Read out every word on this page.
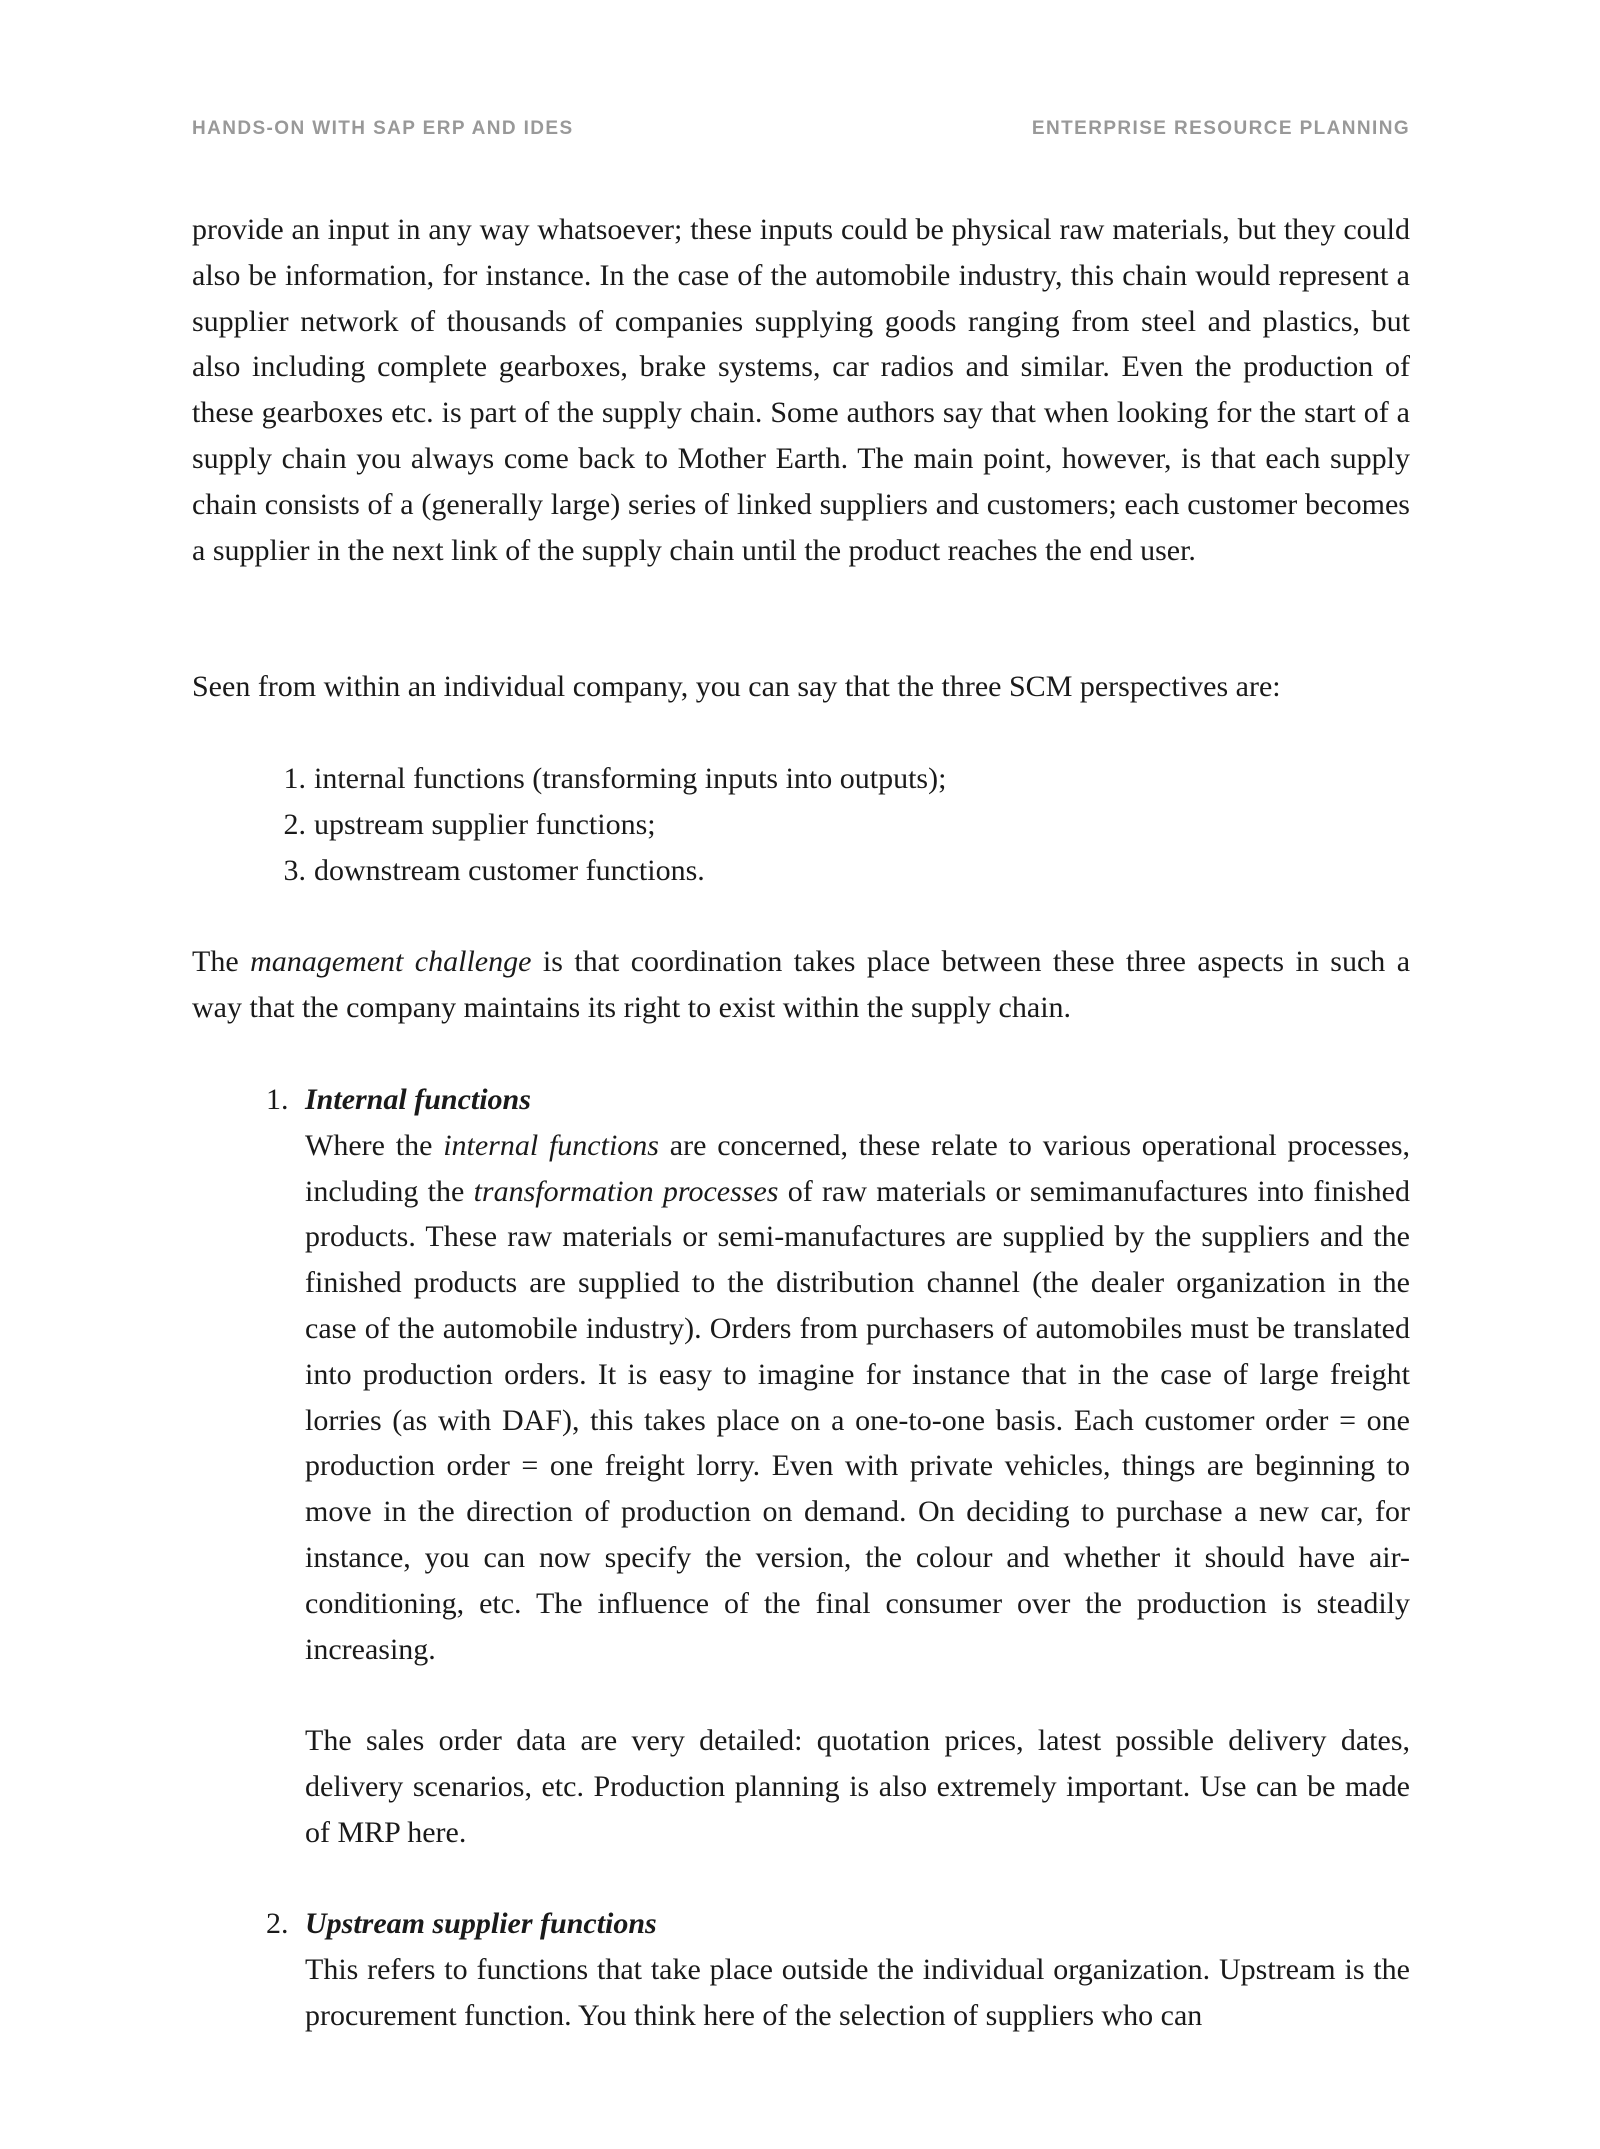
HANDS-ON WITH SAP ERP AND IDES	ENTERPRISE RESOURCE PLANNING

provide an input in any way whatsoever; these inputs could be physical raw materials, but they could also be information, for instance. In the case of the automobile industry, this chain would represent a supplier network of thousands of companies supplying goods ranging from steel and plastics, but also including complete gearboxes, brake systems, car radios and similar. Even the production of these gearboxes etc. is part of the supply chain. Some authors say that when looking for the start of a supply chain you always come back to Mother Earth. The main point, however, is that each supply chain consists of a (generally large) series of linked suppliers and customers; each customer becomes a supplier in the next link of the supply chain until the product reaches the end user.

Seen from within an individual company, you can say that the three SCM perspectives are:

1. internal functions (transforming inputs into outputs);
2. upstream supplier functions;
3. downstream customer functions.

The management challenge is that coordination takes place between these three aspects in such a way that the company maintains its right to exist within the supply chain.

1. Internal functions

Where the internal functions are concerned, these relate to various operational processes, including the transformation processes of raw materials or semimanufactures into finished products. These raw materials or semi-manufactures are supplied by the suppliers and the finished products are supplied to the distribution channel (the dealer organization in the case of the automobile industry). Orders from purchasers of automobiles must be translated into production orders. It is easy to imagine for instance that in the case of large freight lorries (as with DAF), this takes place on a one-to-one basis. Each customer order = one production order = one freight lorry. Even with private vehicles, things are beginning to move in the direction of production on demand. On deciding to purchase a new car, for instance, you can now specify the version, the colour and whether it should have air-conditioning, etc. The influence of the final consumer over the production is steadily increasing.

The sales order data are very detailed: quotation prices, latest possible delivery dates, delivery scenarios, etc. Production planning is also extremely important. Use can be made of MRP here.

2. Upstream supplier functions

This refers to functions that take place outside the individual organization. Upstream is the procurement function. You think here of the selection of suppliers who can
